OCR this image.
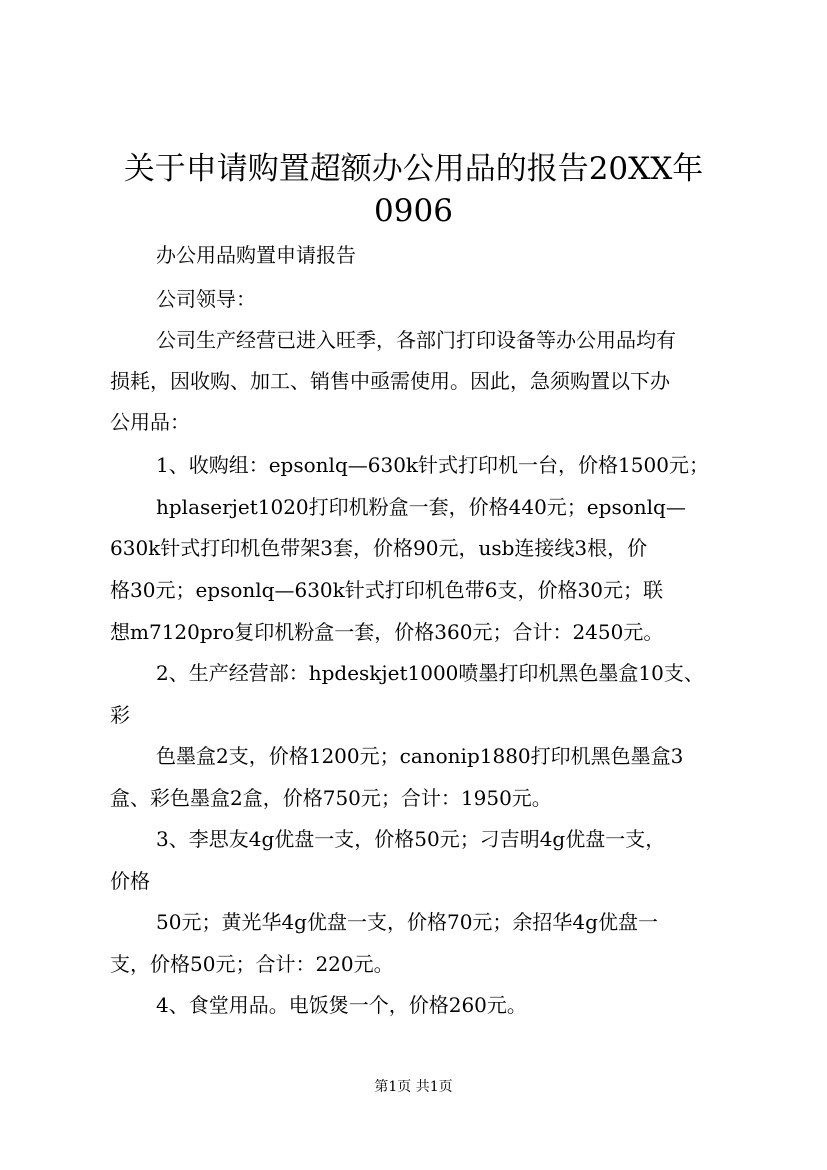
关于申请购置超额办公用品的报告20XX年
0906

办公用品购置申请报告

公司领导：

公司生产经营已进入旺季，各部门打印设备等办公用品均有

损耗，因收购、加工、销售中亟需使用。因此，急须购置以下办

公用品：

1、收购组：epsonlq—630k针式打印机一台，价格1500元；

hplaserjet1020打印机粉盒一套，价格440元；epsonlq—

630k针式打印机色带架3套，价格90元，usb连接线3根，价

格30元；epsonlq—630k针式打印机色带6支，价格30元；联

想m7120pro复印机粉盒一套，价格360元；合计：2450元。

2、生产经营部：hpdeskjet1000喷墨打印机黑色墨盒10支、

彩

色墨盒2支，价格1200元；canonip1880打印机黑色墨盒3

盒、彩色墨盒2盒，价格750元；合计：1950元。

3、李思友4g优盘一支，价格50元；刁吉明4g优盘一支，

价格

50元；黄光华4g优盘一支，价格70元；余招华4g优盘一

支，价格50元；合计：220元。

4、食堂用品。电饭煲一个，价格260元。

第1页 共1页
